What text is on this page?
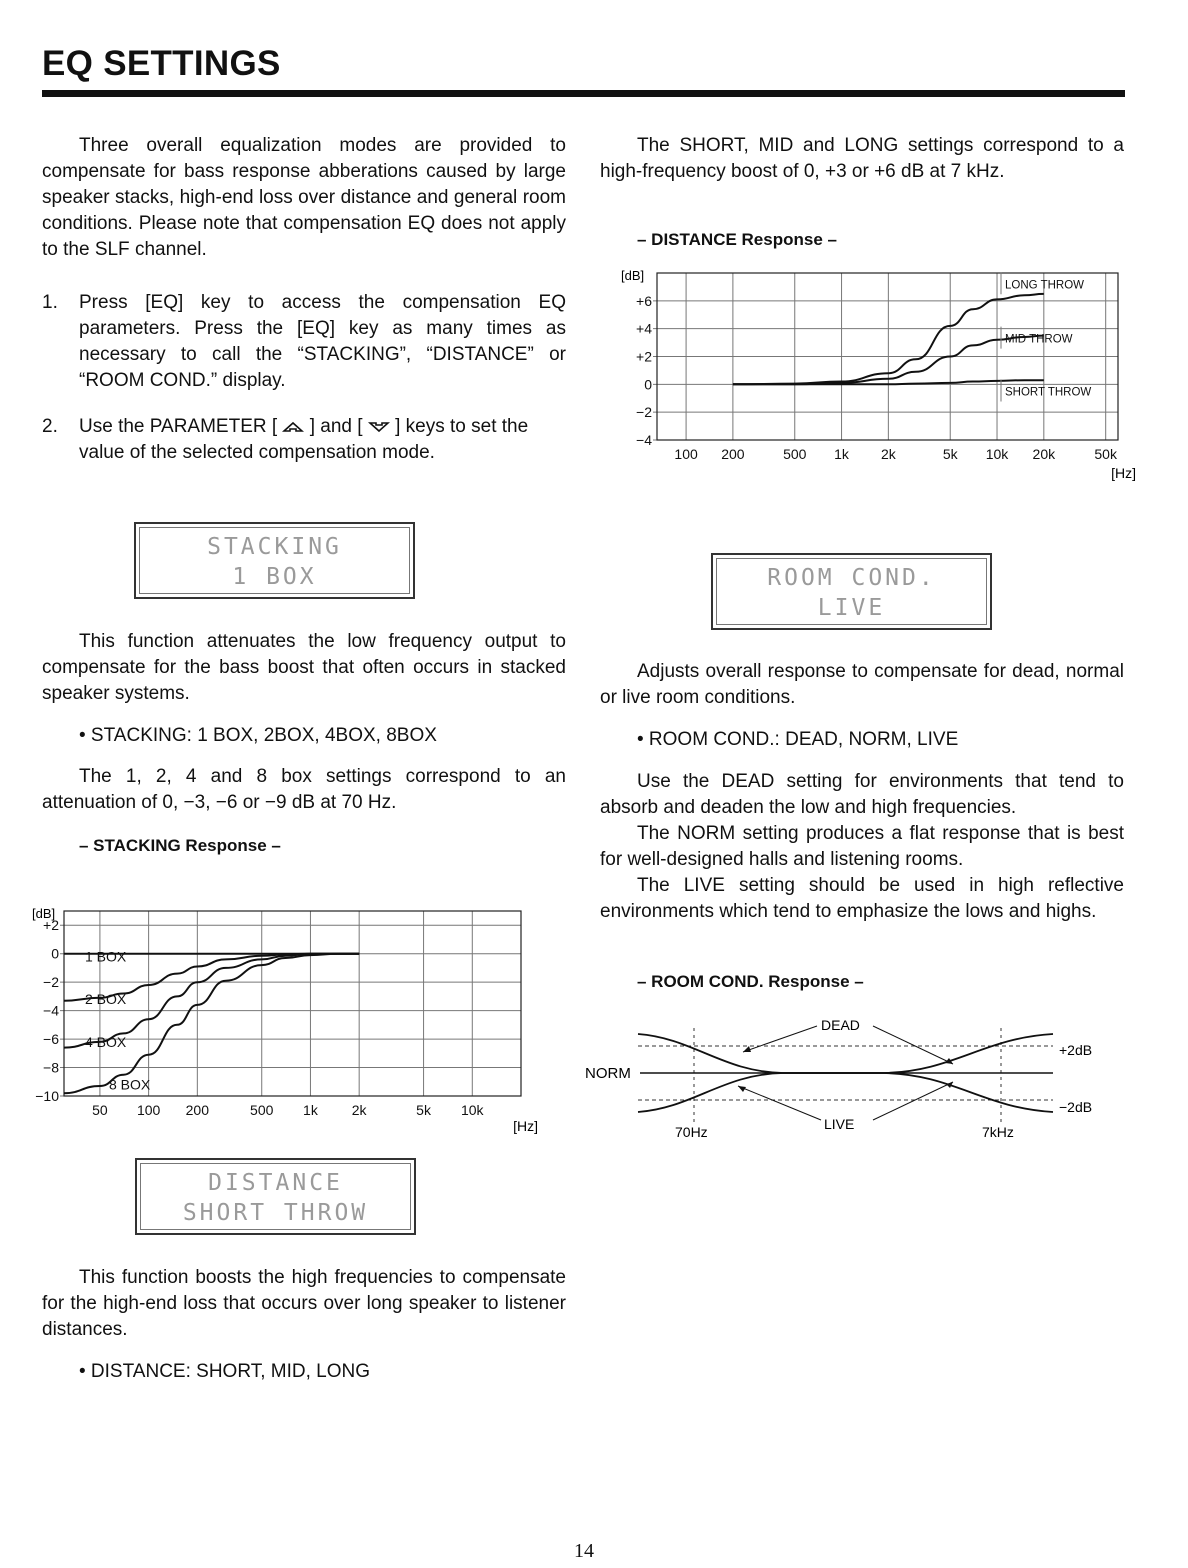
EQ SETTINGS

Three overall equalization modes are provided to compensate for bass response abberations caused by large speaker stacks, high-end loss over distance and general room conditions. Please note that compensation EQ does not apply to the SLF channel.

1. Press [EQ] key to access the compensation EQ parameters. Press the [EQ] key as many times as necessary to call the “STACKING”, “DISTANCE” or “ROOM COND.” display.
2. Use the PARAMETER [ ] and [ ] keys to set the value of the selected compensation mode.
STACKING
1 BOX

This function attenuates the low frequency output to compensate for the bass boost that often occurs in stacked speaker systems.

• STACKING: 1 BOX, 2BOX, 4BOX, 8BOX

The 1, 2, 4 and 8 box settings correspond to an attenuation of 0, −3, −6 or −9 dB at 70 Hz.

– STACKING Response –
+2
0
−2
−4
−6
−8
−10
50 100 200	500 1k 2k	5k 10k
1 BOX
2 BOX
4 BOX
8 BOX
[dB]
[Hz]
DISTANCE
SHORT THROW

This function boosts the high frequencies to compensate for the high-end loss that occurs over long speaker to listener distances.

• DISTANCE: SHORT, MID, LONG

The SHORT, MID and LONG settings correspond to a high-frequency boost of 0, +3 or +6 dB at 7 kHz.

– DISTANCE Response –
+6
+4
+2
0
−2
−4
100 200	500 1k 2k	5k 10k 20k	50k
SHORT THROW
MID THROW
LONG THROW
[dB]
[Hz]
ROOM COND.
LIVE

Adjusts overall response to compensate for dead, normal or live room conditions.

• ROOM COND.: DEAD, NORM, LIVE

Use the DEAD setting for environments that tend to absorb and deaden the low and high frequencies.

The NORM setting produces a flat response that is best for well-designed halls and listening rooms.

The LIVE setting should be used in high reflective environments which tend to emphasize the lows and highs.

– ROOM COND. Response –
DEAD
NORM
LIVE
70Hz	7kHz
+2dB
−2dB
14
